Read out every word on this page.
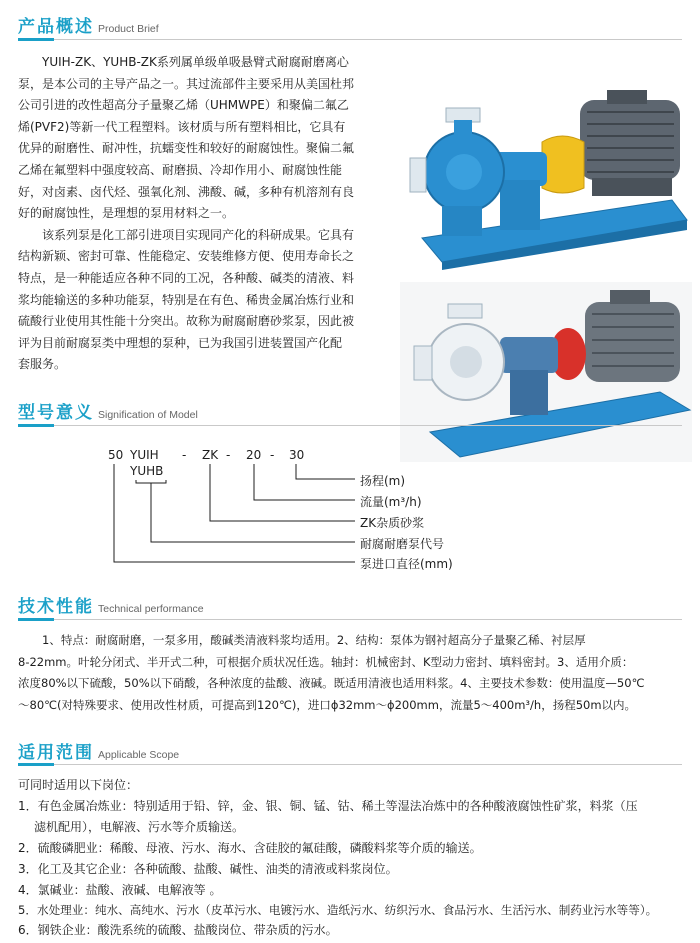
产品概述 Product Brief
YUIH-ZK、YUHB-ZK系列属单级单吸悬臂式耐腐耐磨离心
泵，是本公司的主导产品之一。其过流部件主要采用从美国杜邦
公司引进的改性超高分子量聚乙烯（UHMWPE）和聚偏二氟乙
烯(PVF2)等新一代工程塑料。该材质与所有塑料相比，它具有
优异的耐磨性、耐冲性，抗蠕变性和较好的耐腐蚀性。聚偏二氟
乙烯在氟塑料中强度较高、耐磨损、冷却作用小、耐腐蚀性能
好，对卤素、卤代烃、强氧化剂、沸酸、碱，多种有机溶剂有良
好的耐腐蚀性，是理想的泵用材料之一。
该系列泵是化工部引进项目实现同产化的科研成果。它具有
结构新颖、密封可靠、性能稳定、安装维修方便、使用寿命长之
特点，是一种能适应各种不同的工况，各种酸、碱类的清液、料
浆均能输送的多种功能泵，特别是在有色、稀贵金属冶炼行业和
硫酸行业使用其性能十分突出。故称为耐腐耐磨砂浆泵，因此被
评为目前耐腐泵类中理想的泵种，已为我国引进装置国产化配
套服务。
型号意义 Signification of Model
50 YUIH - ZK - 20 - 30
YUHB
扬程(m)
流量(m³/h)
ZK杂质砂浆
耐腐耐磨泵代号
泵进口直径(mm)
技术性能 Technical performance
1、特点：耐腐耐磨，一泵多用，酸碱类清液料浆均适用。2、结构：泵体为钢衬超高分子量聚乙稀、衬层厚
8-22mm。叶轮分闭式、半开式二种，可根据介质状况任选。轴封：机械密封、K型动力密封、填料密封。3、适用介质：
浓度80%以下硫酸，50%以下硝酸，各种浓度的盐酸、液碱。既适用清液也适用料浆。4、主要技术参数：使用温度—50℃
～80℃(对特殊要求、使用改性材质，可提高到120℃)，进口ϕ32mm～ϕ200mm，流量5～400m³/h，扬程50m以内。
适用范围 Applicable Scope
可同时适用以下岗位：
1．有色金属冶炼业：特别适用于铅、锌，金、银、铜、锰、钴、稀土等湿法冶炼中的各种酸液腐蚀性矿浆，料浆（压
滤机配用），电解液、污水等介质输送。
2．硫酸磷肥业：稀酸、母液、污水、海水、含硅胶的氟硅酸，磷酸料浆等介质的输送。
3．化工及其它企业：各种硫酸、盐酸、碱性、油类的清液或料浆岗位。
4．氯碱业：盐酸、液碱、电解液等 。
5．水处理业：纯水、高纯水、污水（皮革污水、电镀污水、造纸污水、纺织污水、食品污水、生活污水、制药业污水等等）。
6．钢铁企业：酸洗系统的硫酸、盐酸岗位、带杂质的污水。
